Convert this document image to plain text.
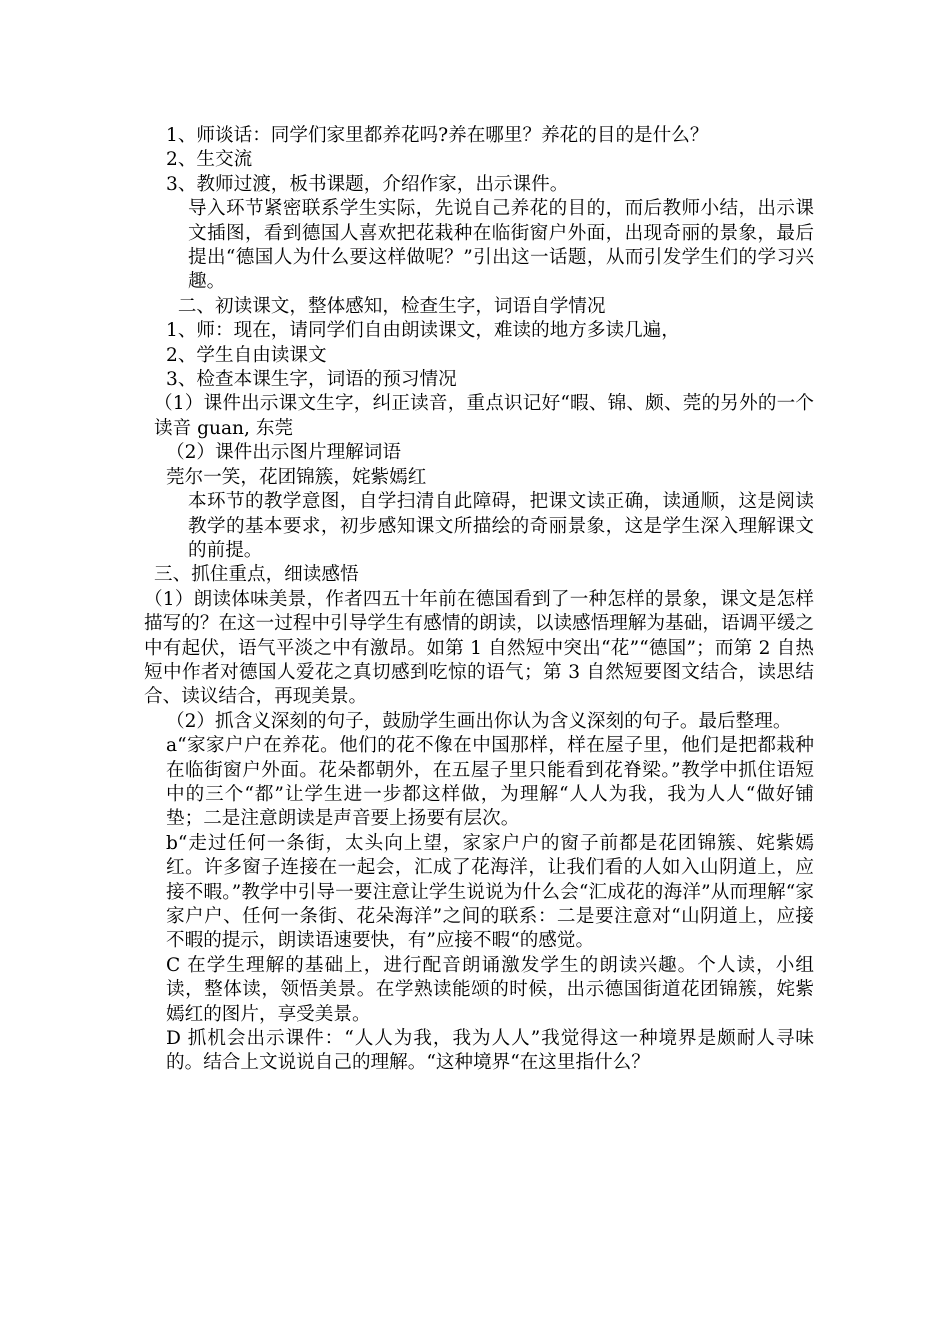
1、师谈话：同学们家里都养花吗?养在哪里？养花的目的是什么？

2、生交流

3、教师过渡，板书课题，介绍作家，出示课件。

导入环节紧密联系学生实际，先说自己养花的目的，而后教师小结，出示课文插图，看到德国人喜欢把花栽种在临街窗户外面，出现奇丽的景象，最后提出“德国人为什么要这样做呢？”引出这一话题，从而引发学生们的学习兴趣。

二、初读课文，整体感知，检查生字，词语自学情况

1、师：现在，请同学们自由朗读课文，难读的地方多读几遍，

2、学生自由读课文

3、检查本课生字，词语的预习情况

（1）课件出示课文生字，纠正读音，重点识记好“暇、锦、颇、莞的另外的一个读音 guan, 东莞

（2）课件出示图片理解词语

莞尔一笑，花团锦簇，姹紫嫣红

本环节的教学意图，自学扫清自此障碍，把课文读正确，读通顺，这是阅读教学的基本要求，初步感知课文所描绘的奇丽景象，这是学生深入理解课文的前提。

三、抓住重点，细读感悟

（1）朗读体味美景，作者四五十年前在德国看到了一种怎样的景象，课文是怎样描写的？在这一过程中引导学生有感情的朗读，以读感悟理解为基础，语调平缓之中有起伏，语气平淡之中有激昂。如第 1 自然短中突出“花”“德国”；而第 2 自热短中作者对德国人爱花之真切感到吃惊的语气；第 3 自然短要图文结合，读思结合、读议结合，再现美景。

（2）抓含义深刻的句子，鼓励学生画出你认为含义深刻的句子。最后整理。

a“家家户户在养花。他们的花不像在中国那样，样在屋子里，他们是把都栽种在临街窗户外面。花朵都朝外，在五屋子里只能看到花脊梁。”教学中抓住语短中的三个“都”让学生进一步都这样做，为理解“人人为我，我为人人“做好铺垫；二是注意朗读是声音要上扬要有层次。

b“走过任何一条街，太头向上望，家家户户的窗子前都是花团锦簇、姹紫嫣红。许多窗子连接在一起会，汇成了花海洋，让我们看的人如入山阴道上，应接不暇。”教学中引导一要注意让学生说说为什么会“汇成花的海洋”从而理解“家家户户、任何一条街、花朵海洋”之间的联系：二是要注意对“山阴道上，应接不暇的提示，朗读语速要快，有”应接不暇“的感觉。

C 在学生理解的基础上，进行配音朗诵激发学生的朗读兴趣。个人读，小组读，整体读，领悟美景。在学熟读能颂的时候，出示德国街道花团锦簇，姹紫嫣红的图片，享受美景。

D 抓机会出示课件：“人人为我，我为人人”我觉得这一种境界是颇耐人寻味的。结合上文说说自己的理解。“这种境界“在这里指什么？
